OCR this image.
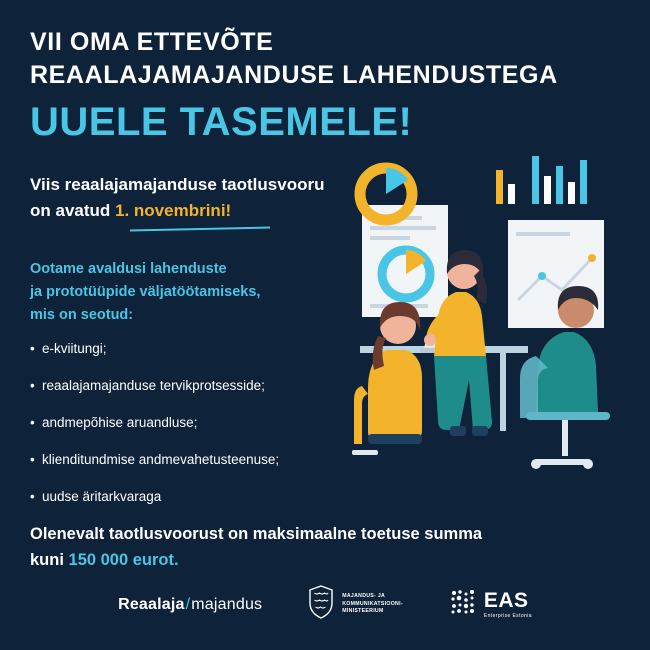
VII OMA ETTEVÕTE
REAALAJAMAJANDUSE LAHENDUSTEGA
UUELE TASEMELE!
Viis reaalajamajanduse taotlusvooru
on avatud 1. novembrini!
Ootame avaldusi lahenduste
ja prototüüpide väljatöötamiseks,
mis on seotud:
• e-kviitungi;
• reaalajamajanduse tervikprotsesside;
• andmepõhise aruandluse;
• klienditundmise andmevahetusteenuse;
• uudse äritarkvaraga
Olenevalt taotlusvoorust on maksimaalne toetuse summa
kuni 150 000 eurot.
Reaalaja/majandus	MAJANDUS- JA
KOMMUNIKATSIOONI-
MINISTEERIUM	EAS
Enterprise Estonia
